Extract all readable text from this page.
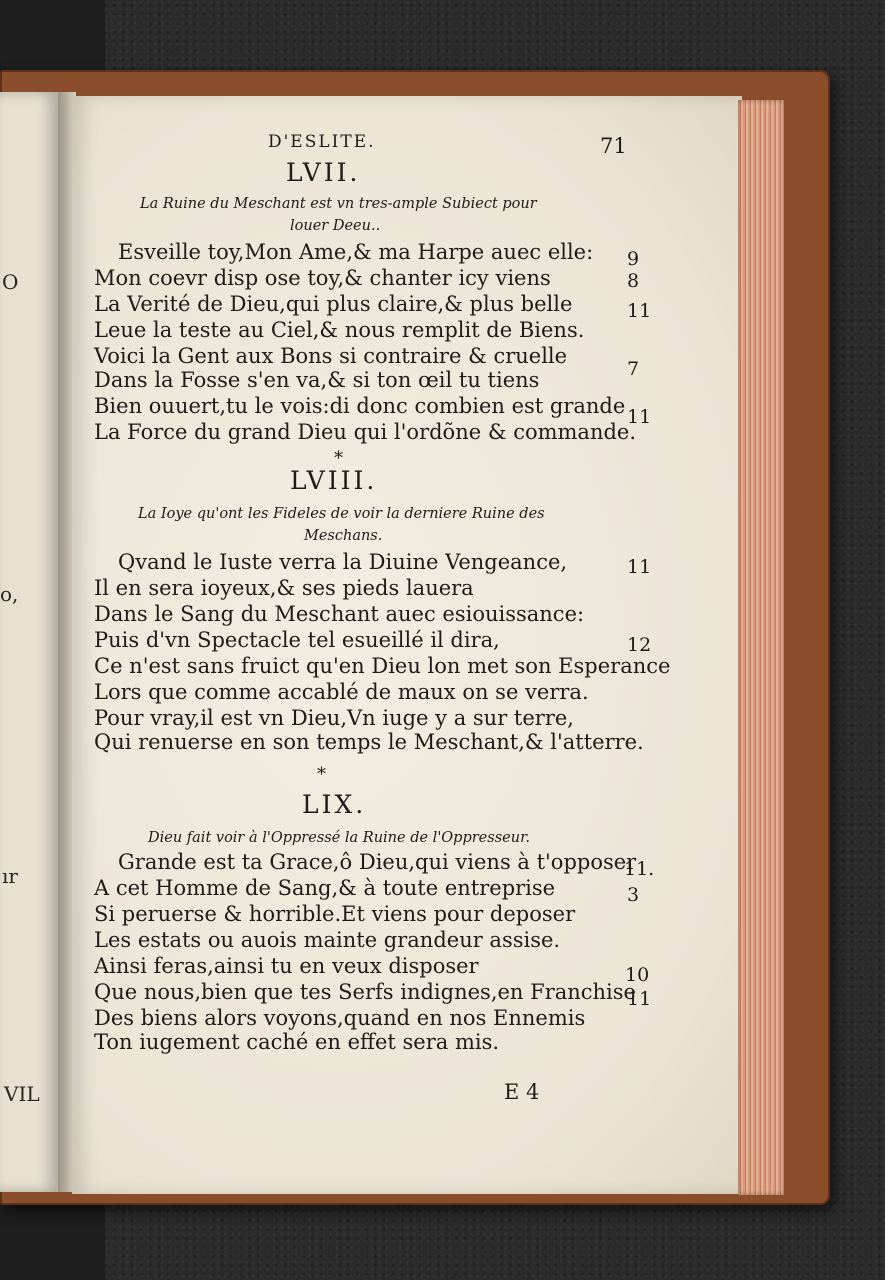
O
o,
ır
VIL
D'ESLITE.	71
LVII.
La Ruine du Meschant est vn tres-ample Subiect pour
louer Deeu..
Esveille toy,Mon Ame,& ma Harpe auec elle:
Mon coevr disp ose toy,& chanter icy viens
La Verité de Dieu,qui plus claire,& plus belle
Leue la teste au Ciel,& nous remplit de Biens.
Voici la Gent aux Bons si contraire & cruelle
Dans la Fosse s'en va,& si ton œil tu tiens
Bien ouuert,tu le vois:di donc combien est grande
La Force du grand Dieu qui l'ordõne & commande.
9
8
11
7
11
*
LVIII.
La Ioye qu'ont les Fideles de voir la derniere Ruine des
Meschans.
Qvand le Iuste verra la Diuine Vengeance,
Il en sera ioyeux,& ses pieds lauera
Dans le Sang du Meschant auec esiouissance:
Puis d'vn Spectacle tel esueillé il dira,
Ce n'est sans fruict qu'en Dieu lon met son Esperance
Lors que comme accablé de maux on se verra.
Pour vray,il est vn Dieu,Vn iuge y a sur terre,
Qui renuerse en son temps le Meschant,& l'atterre.
11
12
*
LIX.
Dieu fait voir à l'Oppressé la Ruine de l'Oppresseur.
Grande est ta Grace,ô Dieu,qui viens à t'opposer
A cet Homme de Sang,& à toute entreprise
Si peruerse & horrible.Et viens pour deposer
Les estats ou auois mainte grandeur assise.
Ainsi feras,ainsi tu en veux disposer
Que nous,bien que tes Serfs indignes,en Franchise
Des biens alors voyons,quand en nos Ennemis
Ton iugement caché en effet sera mis.
11.
3
10
11
E 4
